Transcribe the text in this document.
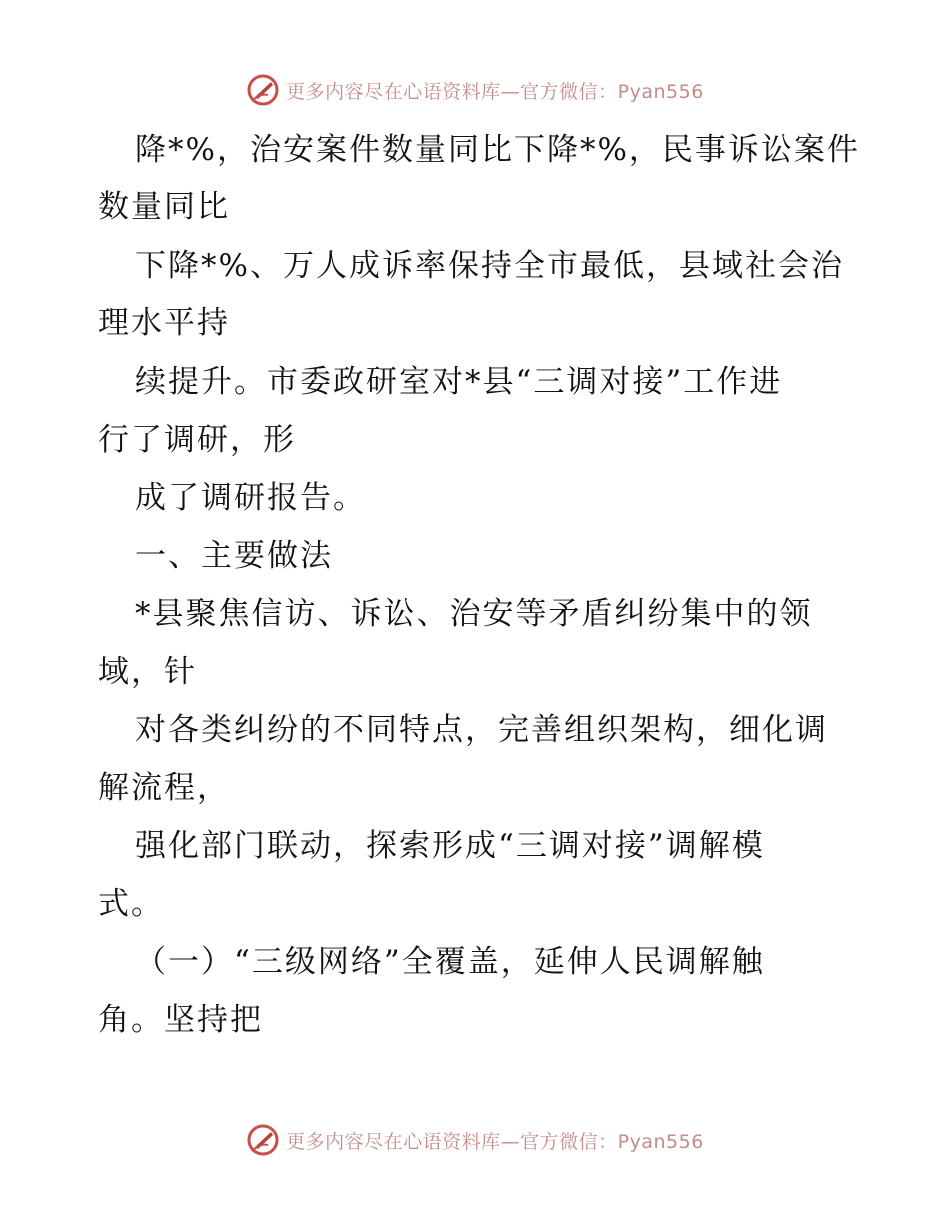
更多内容尽在心语资料库—官方微信：Pyan556
降*%，治安案件数量同比下降*%，民事诉讼案件
数量同比
下降*%、万人成诉率保持全市最低，县域社会治
理水平持
续提升。市委政研室对*县“三调对接”工作进
行了调研，形
成了调研报告。
一、主要做法
*县聚焦信访、诉讼、治安等矛盾纠纷集中的领
域，针
对各类纠纷的不同特点，完善组织架构，细化调
解流程，
强化部门联动，探索形成“三调对接”调解模
式。
（一）“三级网络”全覆盖，延伸人民调解触
角。坚持把
更多内容尽在心语资料库—官方微信：Pyan556
